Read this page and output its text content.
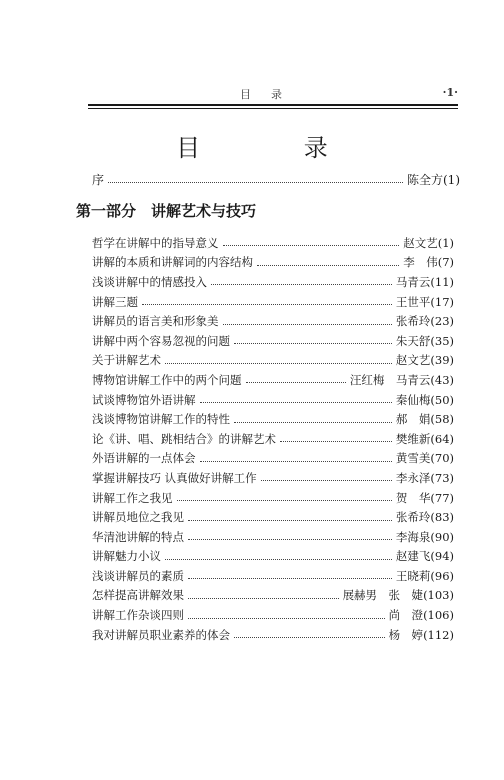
目录	·1·
目 录
序	陈全方(1)
第一部分　讲解艺术与技巧
哲学在讲解中的指导意义	赵文艺 (1)
讲解的本质和讲解词的内容结构	李　伟 (7)
浅谈讲解中的情感投入	马青云 (11)
讲解三题	王世平 (17)
讲解员的语言美和形象美	张希玲 (23)
讲解中两个容易忽视的问题	朱天舒 (35)
关于讲解艺术	赵文艺 (39)
博物馆讲解工作中的两个问题	汪红梅　马青云 (43)
试谈博物馆外语讲解	秦仙梅 (50)
浅谈博物馆讲解工作的特性	郝　娟 (58)
论《讲、唱、跳相结合》的讲解艺术	樊维新 (64)
外语讲解的一点体会	黄雪美 (70)
掌握讲解技巧 认真做好讲解工作	李永泽 (73)
讲解工作之我见	贺　华 (77)
讲解员地位之我见	张希玲 (83)
华清池讲解的特点	李海泉 (90)
讲解魅力小议	赵建飞 (94)
浅谈讲解员的素质	王晓莉 (96)
怎样提高讲解效果	展赫男　张　婕 (103)
讲解工作杂谈四则	尚　澄 (106)
我对讲解员职业素养的体会	杨　婷 (112)
